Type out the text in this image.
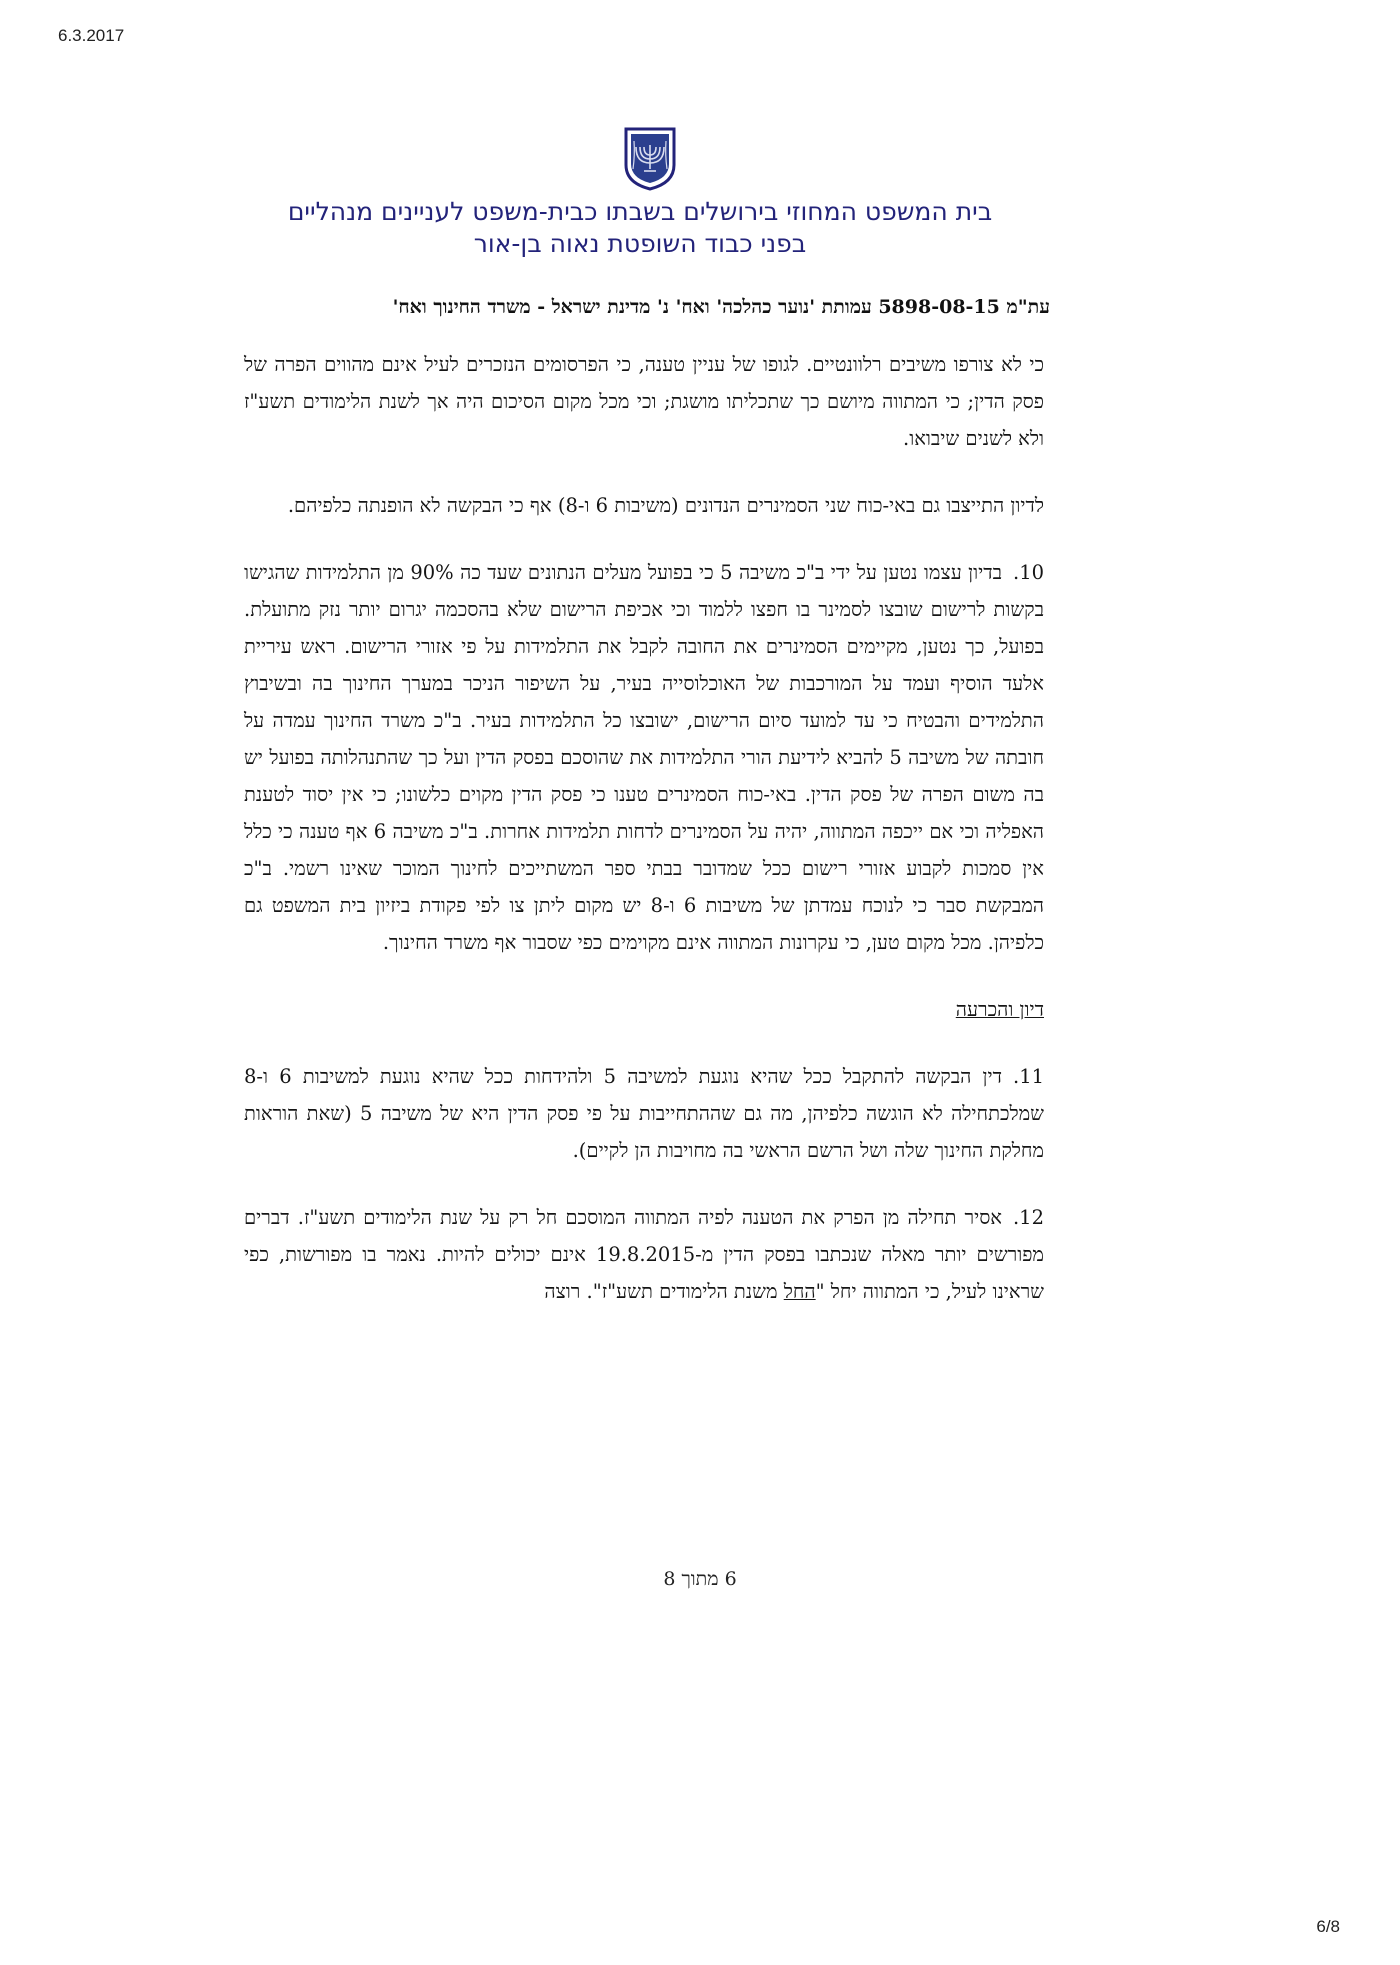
6.3.2017
בית המשפט המחוזי בירושלים בשבתו כבית-משפט לעניינים מנהליים
בפני כבוד השופטת נאוה בן-אור
עת"מ 5898-08-15 עמותת 'נוער כהלכה' ואח' נ' מדינת ישראל - משרד החינוך ואח'

כי לא צורפו משיבים רלוונטיים. לגופו של עניין טענה, כי הפרסומים הנזכרים לעיל אינם מהווים הפרה של פסק הדין; כי המתווה מיושם כך שתכליתו מושגת; וכי מכל מקום הסיכום היה אך לשנת הלימודים תשע"ז ולא לשנים שיבואו.

לדיון התייצבו גם באי-כוח שני הסמינרים הנדונים (משיבות 6 ו-8) אף כי הבקשה לא הופנתה כלפיהם.

10.בדיון עצמו נטען על ידי ב"כ משיבה 5 כי בפועל מעלים הנתונים שעד כה 90% מן התלמידות שהגישו בקשות לרישום שובצו לסמינר בו חפצו ללמוד וכי אכיפת הרישום שלא בהסכמה יגרום יותר נזק מתועלת. בפועל, כך נטען, מקיימים הסמינרים את החובה לקבל את התלמידות על פי אזורי הרישום. ראש עיריית אלעד הוסיף ועמד על המורכבות של האוכלוסייה בעיר, על השיפור הניכר במערך החינוך בה ובשיבוץ התלמידים והבטיח כי עד למועד סיום הרישום, ישובצו כל התלמידות בעיר. ב"כ משרד החינוך עמדה על חובתה של משיבה 5 להביא לידיעת הורי התלמידות את שהוסכם בפסק הדין ועל כך שהתנהלותה בפועל יש בה משום הפרה של פסק הדין. באי-כוח הסמינרים טענו כי פסק הדין מקוים כלשונו; כי אין יסוד לטענת האפליה וכי אם ייכפה המתווה, יהיה על הסמינרים לדחות תלמידות אחרות. ב"כ משיבה 6 אף טענה כי כלל אין סמכות לקבוע אזורי רישום ככל שמדובר בבתי ספר המשתייכים לחינוך המוכר שאינו רשמי. ב"כ המבקשת סבר כי לנוכח עמדתן של משיבות 6 ו-8 יש מקום ליתן צו לפי פקודת ביזיון בית המשפט גם כלפיהן. מכל מקום טען, כי עקרונות המתווה אינם מקוימים כפי שסבור אף משרד החינוך.

דיון והכרעה

11.דין הבקשה להתקבל ככל שהיא נוגעת למשיבה 5 ולהידחות ככל שהיא נוגעת למשיבות 6 ו-8 שמלכתחילה לא הוגשה כלפיהן, מה גם שההתחייבות על פי פסק הדין היא של משיבה 5 (שאת הוראות מחלקת החינוך שלה ושל הרשם הראשי בה מחויבות הן לקיים).

12.אסיר תחילה מן הפרק את הטענה לפיה המתווה המוסכם חל רק על שנת הלימודים תשע"ז. דברים מפורשים יותר מאלה שנכתבו בפסק הדין מ-19.8.2015 אינם יכולים להיות. נאמר בו מפורשות, כפי שראינו לעיל, כי המתווה יחל "החל משנת הלימודים תשע"ז". רוצה

6 מתוך 8
6/8
